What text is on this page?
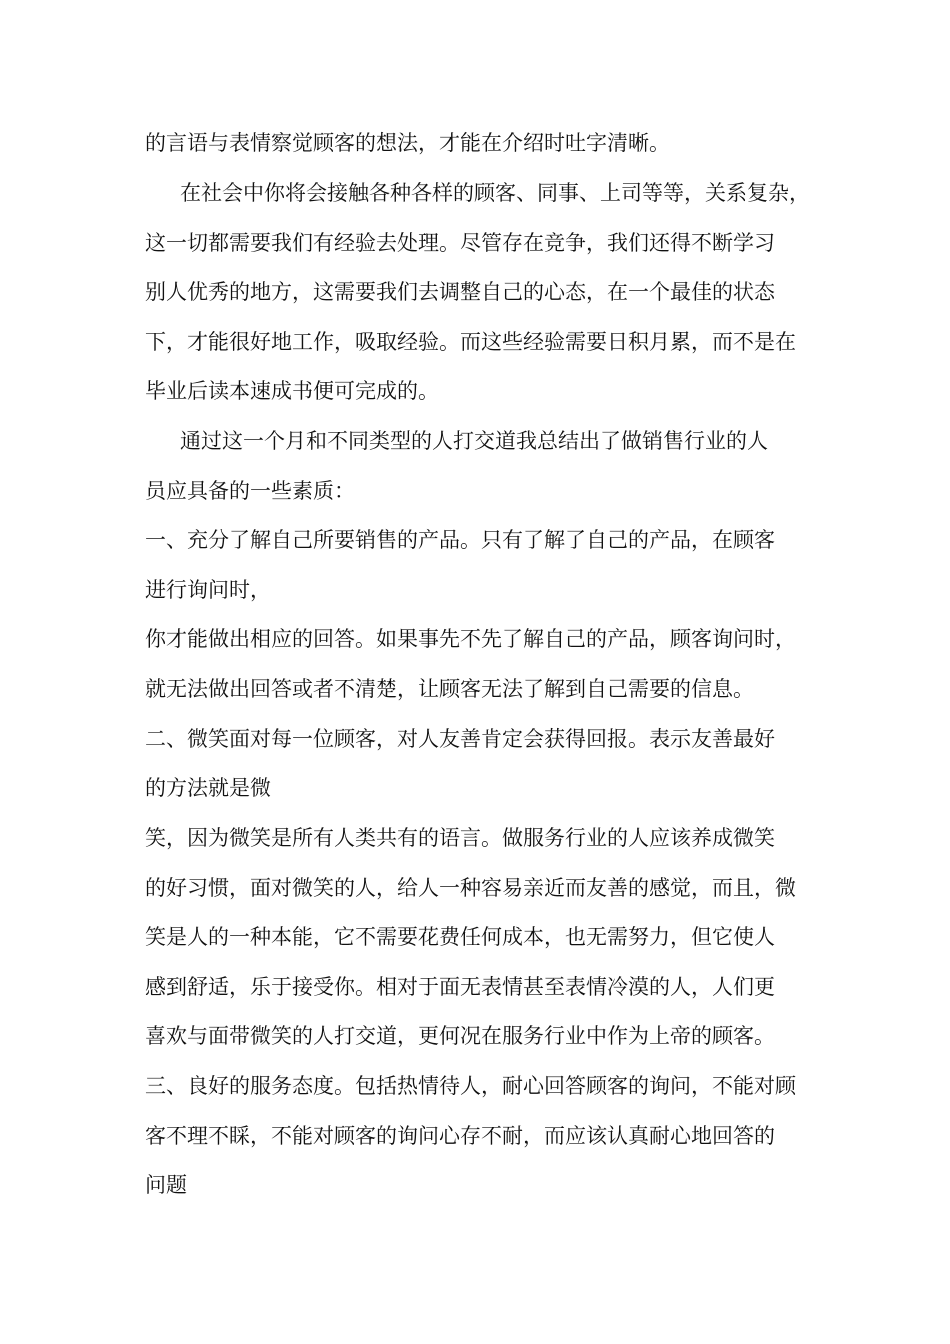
的言语与表情察觉顾客的想法，才能在介绍时吐字清晰。
在社会中你将会接触各种各样的顾客、同事、上司等等，关系复杂，
这一切都需要我们有经验去处理。尽管存在竞争，我们还得不断学习
别人优秀的地方，这需要我们去调整自己的心态，在一个最佳的状态
下，才能很好地工作，吸取经验。而这些经验需要日积月累，而不是在
毕业后读本速成书便可完成的。
通过这一个月和不同类型的人打交道我总结出了做销售行业的人
员应具备的一些素质：
一、充分了解自己所要销售的产品。只有了解了自己的产品，在顾客
进行询问时，
你才能做出相应的回答。如果事先不先了解自己的产品，顾客询问时，
就无法做出回答或者不清楚，让顾客无法了解到自己需要的信息。
二、微笑面对每一位顾客，对人友善肯定会获得回报。表示友善最好
的方法就是微
笑，因为微笑是所有人类共有的语言。做服务行业的人应该养成微笑
的好习惯，面对微笑的人，给人一种容易亲近而友善的感觉，而且，微
笑是人的一种本能，它不需要花费任何成本，也无需努力，但它使人
感到舒适，乐于接受你。相对于面无表情甚至表情冷漠的人，人们更
喜欢与面带微笑的人打交道，更何况在服务行业中作为上帝的顾客。
三、良好的服务态度。包括热情待人，耐心回答顾客的询问，不能对顾
客不理不睬，不能对顾客的询问心存不耐，而应该认真耐心地回答的
问题
